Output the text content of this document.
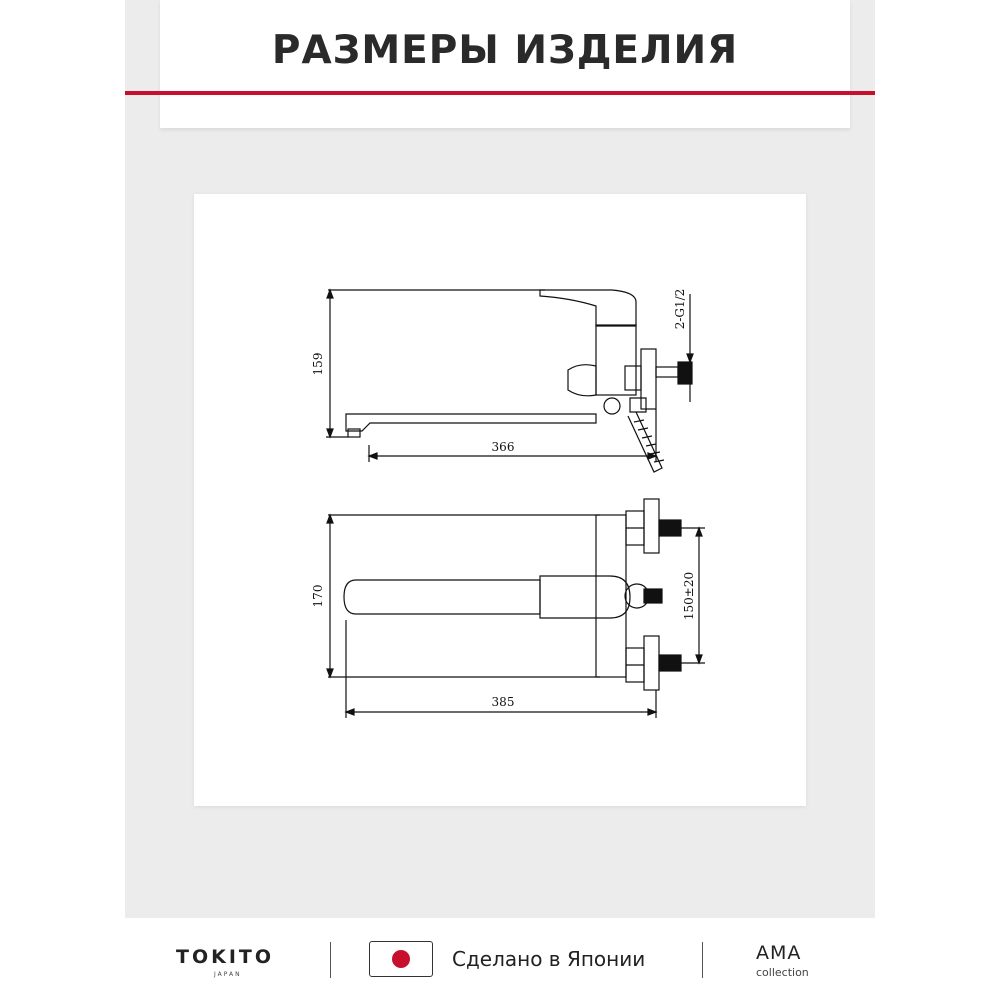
РАЗМЕРЫ ИЗДЕЛИЯ
159
366
2-G1/2
170
385
150±20
TOKITO
JAPAN
Сделано в Японии	AMA
collection
